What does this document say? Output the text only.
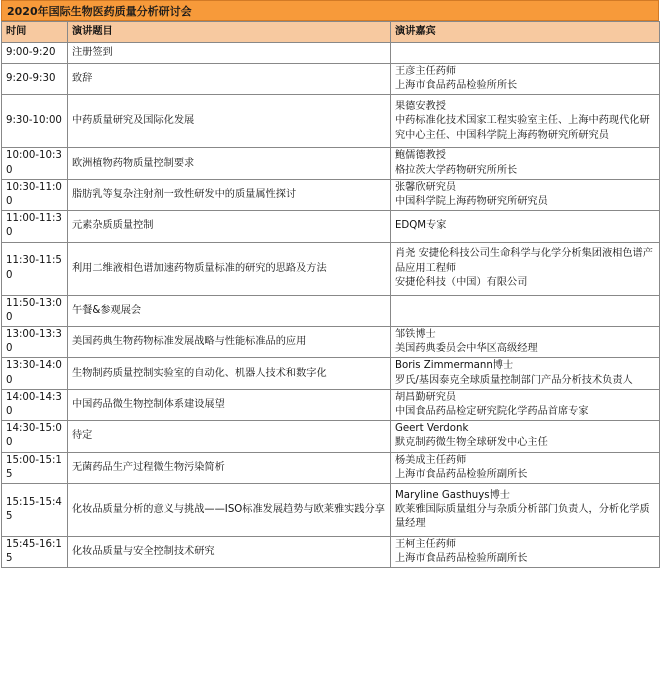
2020年国际生物医药质量分析研讨会
时间	演讲题目	演讲嘉宾
9:00-9:20	注册签到	
9:20-9:30	致辞	王彦主任药师
上海市食品药品检验所所长

9:30-10:00	中药质量研究及国际化发展	果德安教授
中药标准化技术国家工程实验室主任、上海中药现代化研究中心主任、中国科学院上海药物研究所研究员

10:00-10:30	欧洲植物药物质量控制要求	鲍儒德教授
格拉茨大学药物研究所所长

10:30-11:00	脂肪乳等复杂注射剂一致性研发中的质量属性探讨	张馨欣研究员
中国科学院上海药物研究所研究员

11:00-11:30	元素杂质质量控制	EDQM专家

11:30-11:50	利用二维液相色谱加速药物质量标准的研究的思路及方法	肖尧 安捷伦科技公司生命科学与化学分析集团液相色谱产品应用工程师
安捷伦科技（中国）有限公司

11:50-13:00	午餐&参观展会	
13:00-13:30	美国药典生物药物标准发展战略与性能标准品的应用	邹铁博士
美国药典委员会中华区高级经理

13:30-14:00	生物制药质量控制实验室的自动化、机器人技术和数字化	Boris Zimmermann博士
罗氏/基因泰克全球质量控制部门产品分析技术负责人

14:00-14:30	中国药品微生物控制体系建设展望	胡昌勤研究员
中国食品药品检定研究院化学药品首席专家

14:30-15:00	待定	Geert Verdonk
默克制药微生物全球研发中心主任

15:00-15:15	无菌药品生产过程微生物污染简析	杨美成主任药师
上海市食品药品检验所副所长

15:15-15:45	化妆品质量分析的意义与挑战——ISO标准发展趋势与欧莱雅实践分享	Maryline Gasthuys博士
欧莱雅国际质量组分与杂质分析部门负责人，分析化学质量经理

15:45-16:15	化妆品质量与安全控制技术研究	王柯主任药师
上海市食品药品检验所副所长
